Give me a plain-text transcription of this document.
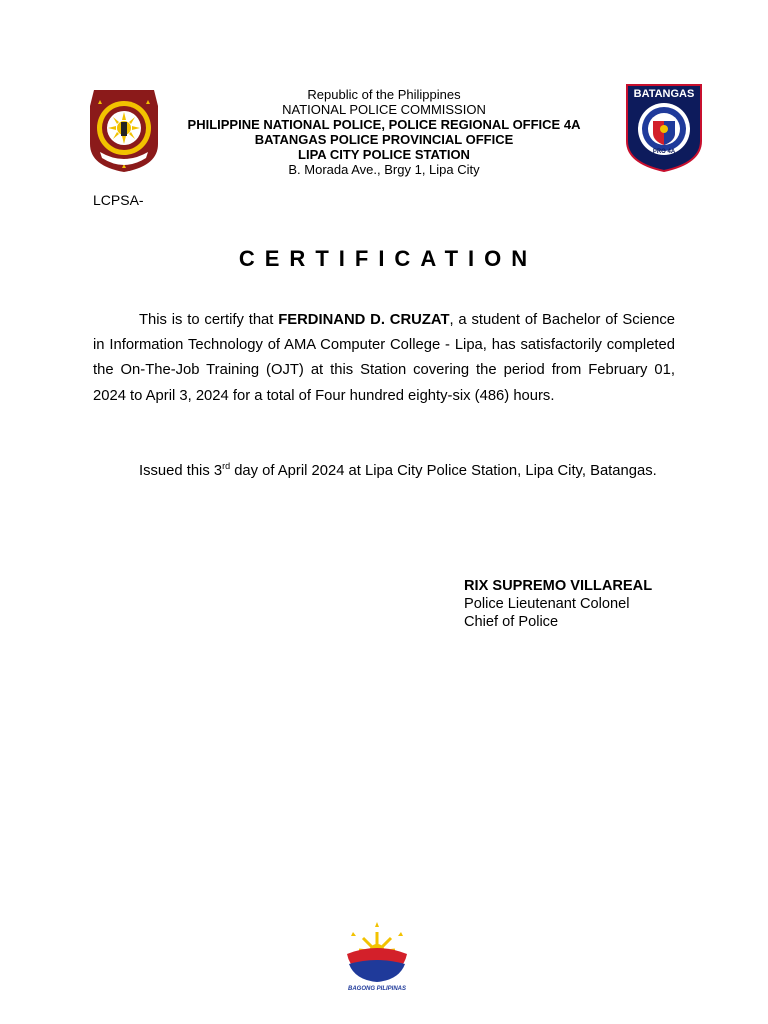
Republic of the Philippines
NATIONAL POLICE COMMISSION
PHILIPPINE NATIONAL POLICE, POLICE REGIONAL OFFICE 4A
BATANGAS POLICE PROVINCIAL OFFICE
LIPA CITY POLICE STATION
B. Morada Ave., Brgy 1, Lipa City
BATANGAS
PRO 4A
LCPSA-
CERTIFICATION
This is to certify that FERDINAND D. CRUZAT, a student of Bachelor of Science in Information Technology of AMA Computer College - Lipa, has satisfactorily completed the On-The-Job Training (OJT) at this Station covering the period from February 01, 2024 to April 3, 2024 for a total of Four hundred eighty-six (486) hours.
Issued this 3rd day of April 2024 at Lipa City Police Station, Lipa City, Batangas.
RIX SUPREMO VILLAREAL
Police Lieutenant Colonel
Chief of Police
BAGONG PILIPINAS
